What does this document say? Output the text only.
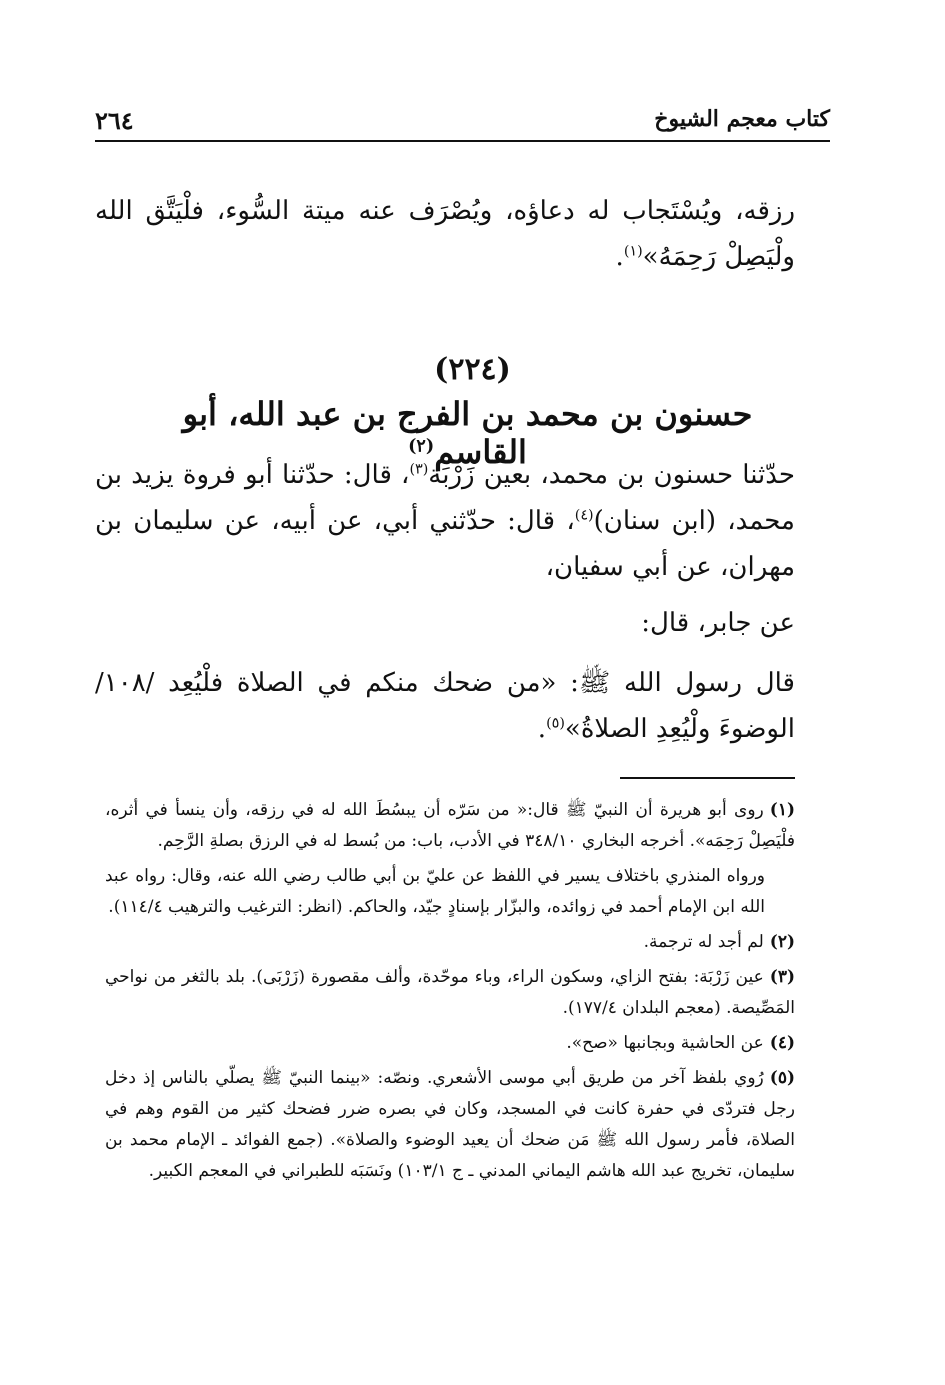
٢٦٤	كتاب معجم الشيوخ
رزقه، ويُسْتَجاب له دعاؤه، ويُصْرَف عنه ميتة السُّوء، فلْيَتَّق الله ولْيَصِلْ رَحِمَهُ»$^{(١)}$.
(٢٢٤)
حسنون بن محمد بن الفرج بن عبد الله، أبو القاسم$^{(٢)}$
حدّثنا حسنون بن محمد، بعين زَرْبَة$^{(٣)}$، قال: حدّثنا أبو فروة يزيد بن محمد، (ابن سنان)$^{(٤)}$، قال: حدّثني أبي، عن أبيه، عن سليمان بن مهران، عن أبي سفيان،
عن جابر، قال:
قال رسول الله ﷺ: «من ضحك منكم في الصلاة فلْيُعِد /١٠٨/ الوضوءَ ولْيُعِدِ الصلاةُ»$^{(٥)}$.
(١)روى أبو هريرة أن النبيّ ﷺ قال:« من سَرّه أن يبسُطَ الله له في رزقه، وأن ينسأ في أثره، فلْيَصِلْ رَحِمَه». أخرجه البخاري ٣٤٨/١٠ في الأدب، باب: من بُسط له في الرزق بصلةِ الرَّحِم.
ورواه المنذري باختلاف يسير في اللفظ عن عليّ بن أبي طالب رضي الله عنه، وقال: رواه عبد الله ابن الإمام أحمد في زوائده، والبزّار بإسنادٍ جيّد، والحاكم. (انظر: الترغيب والترهيب ١١٤/٤).
(٢)لم أجد له ترجمة.
(٣)عين زَرْبَة: بفتح الزاي، وسكون الراء، وباء موحّدة، وألف مقصورة (زَرْبَى). بلد بالثغر من نواحي المَصِّيصة. (معجم البلدان ١٧٧/٤).
(٤)عن الحاشية وبجانبها «صح».
(٥)رُوي بلفظ آخر من طريق أبي موسى الأشعري. ونصّه: «بينما النبيّ ﷺ يصلّي بالناس إذ دخل رجل فتردّى في حفرة كانت في المسجد، وكان في بصره ضرر فضحك كثير من القوم وهم في الصلاة، فأمر رسول الله ﷺ مَن ضحك أن يعيد الوضوء والصلاة». (جمع الفوائد ـ الإمام محمد بن سليمان، تخريج عبد الله هاشم اليماني المدني ـ ج ١٠٣/١) ونَسَبَه للطبراني في المعجم الكبير.
